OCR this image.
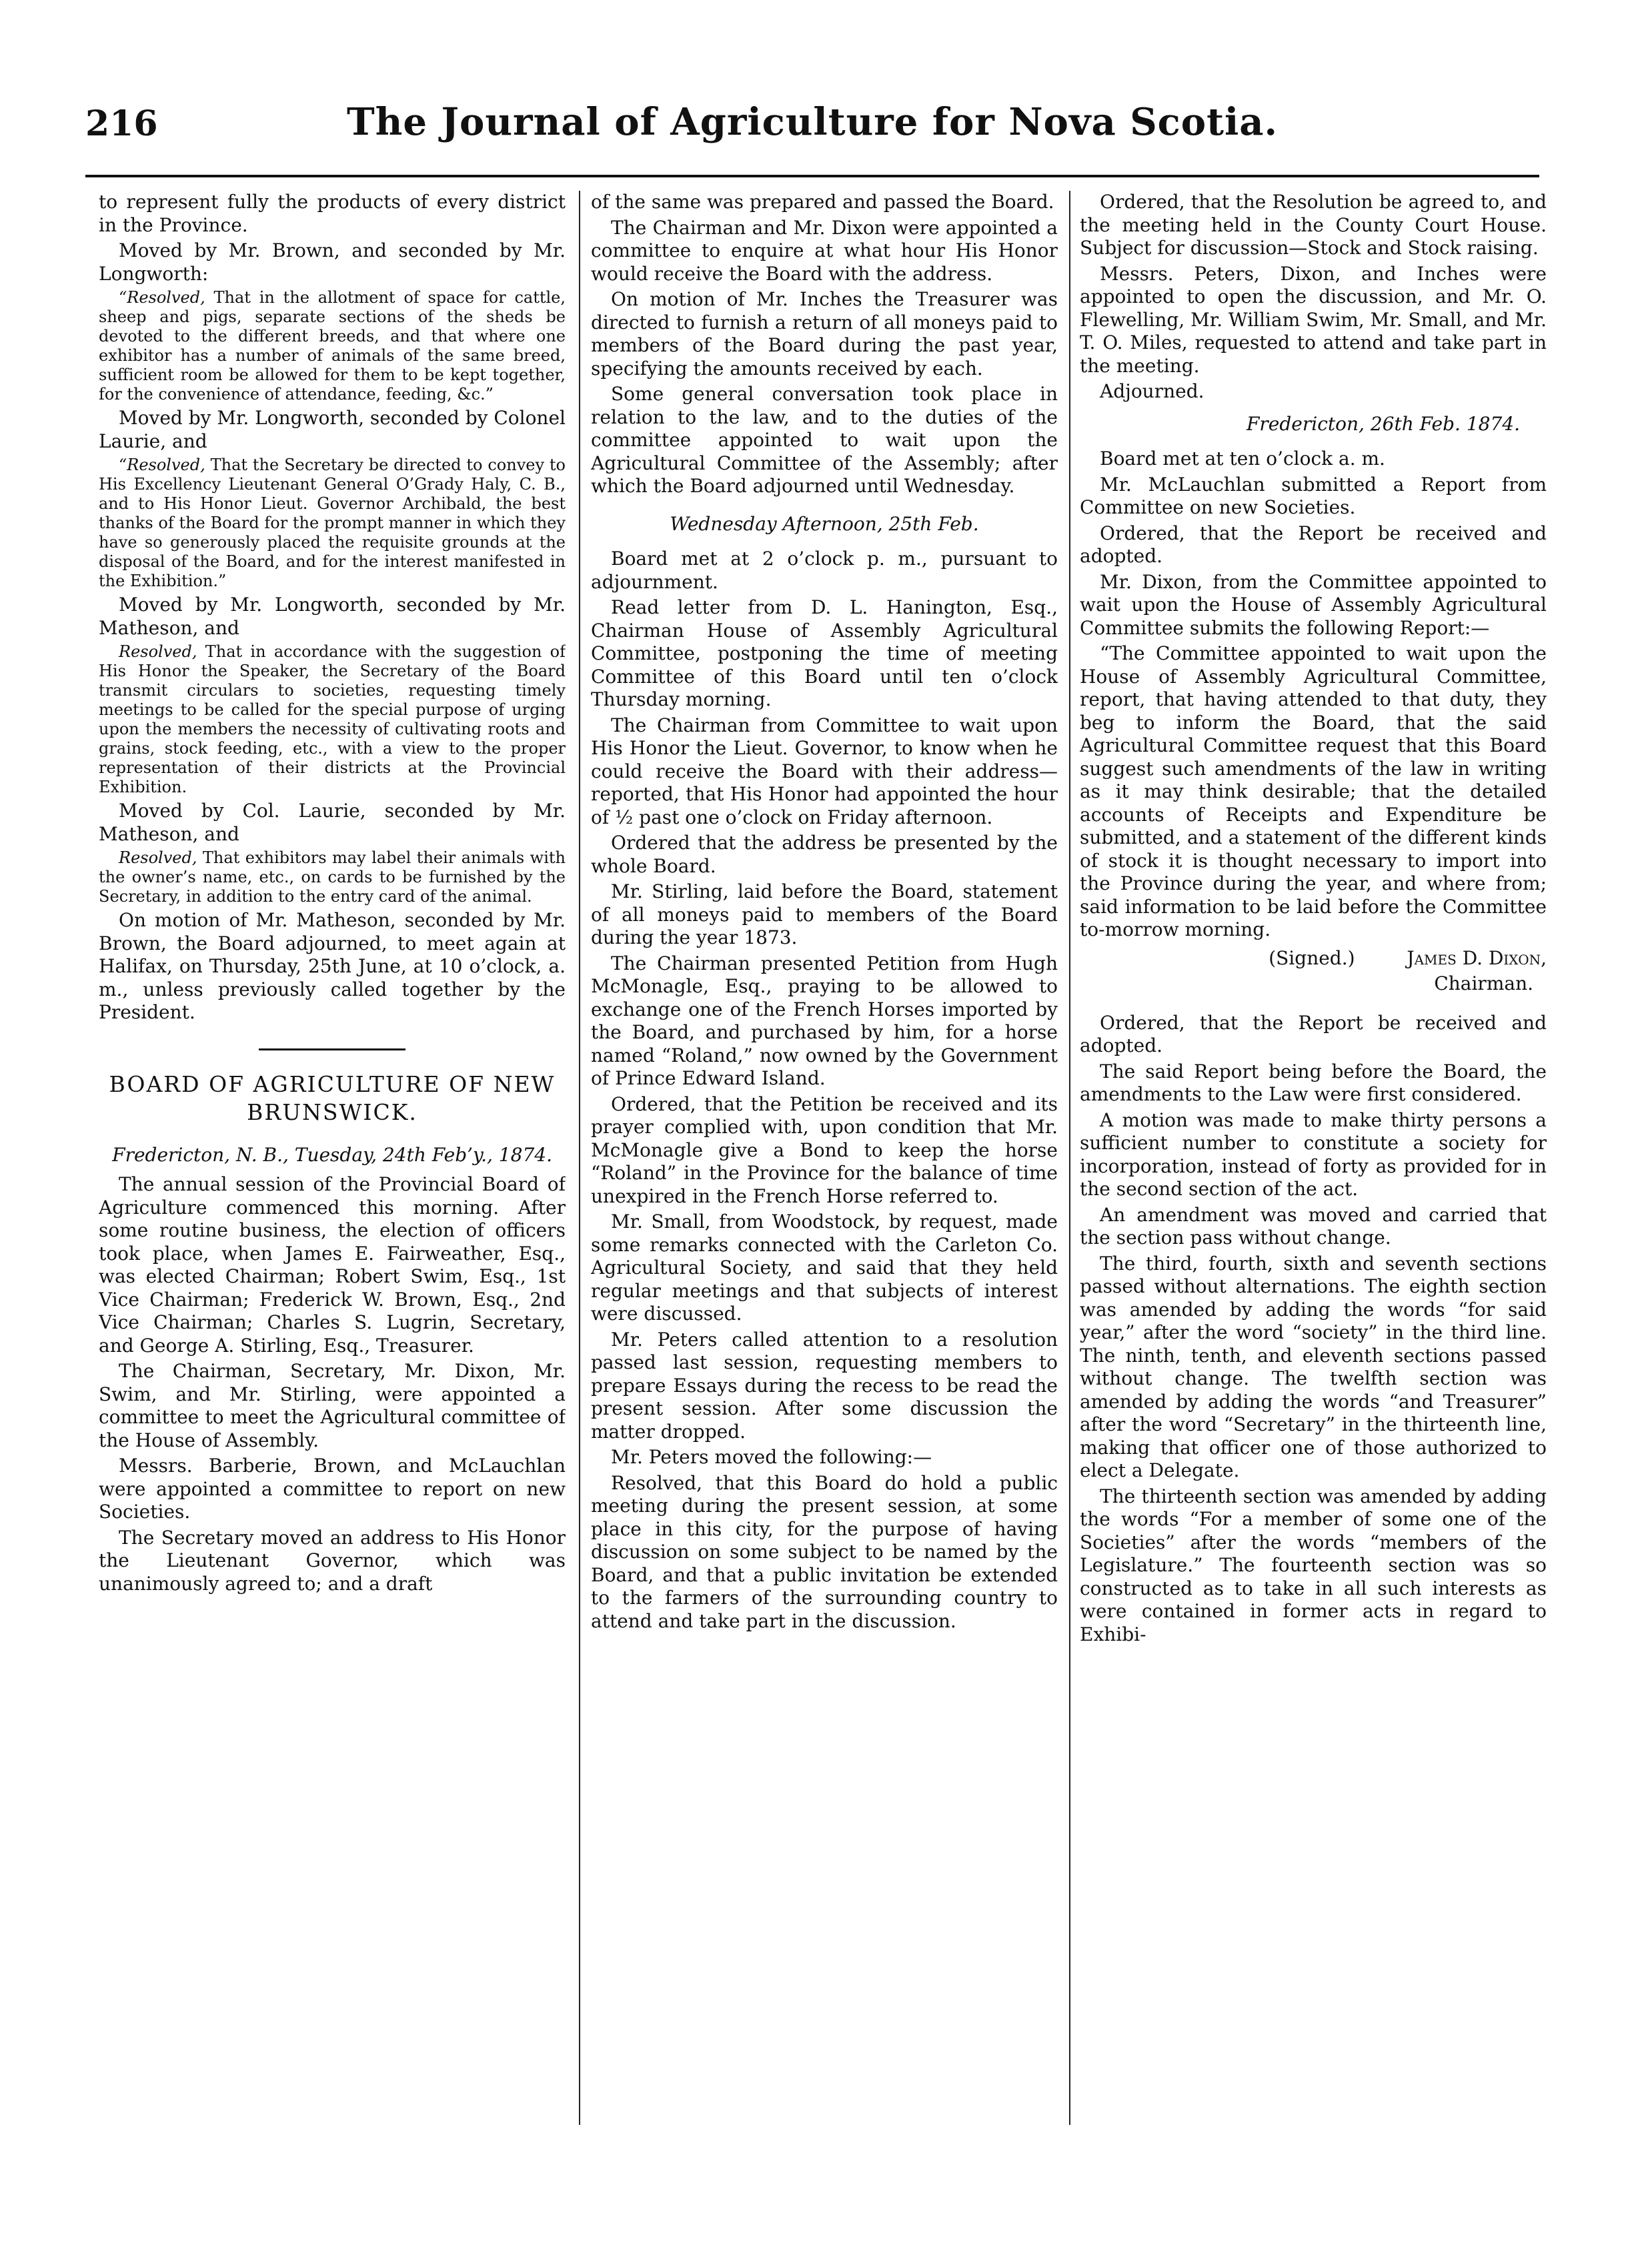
216	The Journal of Agriculture for Nova Scotia.

to represent fully the products of every district in the Province.

Moved by Mr. Brown, and seconded by Mr. Longworth:

“Resolved, That in the allotment of space for cattle, sheep and pigs, separate sections of the sheds be devoted to the different breeds, and that where one exhibitor has a number of animals of the same breed, sufficient room be allowed for them to be kept together, for the convenience of attendance, feeding, &c.”

Moved by Mr. Longworth, seconded by Colonel Laurie, and

“Resolved, That the Secretary be directed to convey to His Excellency Lieutenant General O’Grady Haly, C. B., and to His Honor Lieut. Governor Archibald, the best thanks of the Board for the prompt manner in which they have so generously placed the requisite grounds at the disposal of the Board, and for the interest manifested in the Exhibition.”

Moved by Mr. Longworth, seconded by Mr. Matheson, and

Resolved, That in accordance with the suggestion of His Honor the Speaker, the Secretary of the Board transmit circulars to societies, requesting timely meetings to be called for the special purpose of urging upon the members the necessity of cultivating roots and grains, stock feeding, etc., with a view to the proper representation of their districts at the Provincial Exhibition.

Moved by Col. Laurie, seconded by Mr. Matheson, and

Resolved, That exhibitors may label their animals with the owner’s name, etc., on cards to be furnished by the Secretary, in addition to the entry card of the animal.

On motion of Mr. Matheson, seconded by Mr. Brown, the Board adjourned, to meet again at Halifax, on Thursday, 25th June, at 10 o’clock, a. m., unless previously called together by the President.

BOARD OF AGRICULTURE OF NEW BRUNSWICK.
Fredericton, N. B., Tuesday, 24th Feb’y., 1874.

The annual session of the Provincial Board of Agriculture commenced this morning. After some routine business, the election of officers took place, when James E. Fairweather, Esq., was elected Chairman; Robert Swim, Esq., 1st Vice Chairman; Frederick W. Brown, Esq., 2nd Vice Chairman; Charles S. Lugrin, Secretary, and George A. Stirling, Esq., Treasurer.

The Chairman, Secretary, Mr. Dixon, Mr. Swim, and Mr. Stirling, were appointed a committee to meet the Agricultural committee of the House of Assembly.

Messrs. Barberie, Brown, and McLauchlan were appointed a committee to report on new Societies.

The Secretary moved an address to His Honor the Lieutenant Governor, which was unanimously agreed to; and a draft

of the same was prepared and passed the Board.

The Chairman and Mr. Dixon were appointed a committee to enquire at what hour His Honor would receive the Board with the address.

On motion of Mr. Inches the Treasurer was directed to furnish a return of all moneys paid to members of the Board during the past year, specifying the amounts received by each.

Some general conversation took place in relation to the law, and to the duties of the committee appointed to wait upon the Agricultural Committee of the Assembly; after which the Board adjourned until Wednesday.

Wednesday Afternoon, 25th Feb.

Board met at 2 o’clock p. m., pursuant to adjournment.

Read letter from D. L. Hanington, Esq., Chairman House of Assembly Agricultural Committee, postponing the time of meeting Committee of this Board until ten o’clock Thursday morning.

The Chairman from Committee to wait upon His Honor the Lieut. Governor, to know when he could receive the Board with their address—reported, that His Honor had appointed the hour of ½ past one o’clock on Friday afternoon.

Ordered that the address be presented by the whole Board.

Mr. Stirling, laid before the Board, statement of all moneys paid to members of the Board during the year 1873.

The Chairman presented Petition from Hugh McMonagle, Esq., praying to be allowed to exchange one of the French Horses imported by the Board, and purchased by him, for a horse named “Roland,” now owned by the Government of Prince Edward Island.

Ordered, that the Petition be received and its prayer complied with, upon condition that Mr. McMonagle give a Bond to keep the horse “Roland” in the Province for the balance of time unexpired in the French Horse referred to.

Mr. Small, from Woodstock, by request, made some remarks connected with the Carleton Co. Agricultural Society, and said that they held regular meetings and that subjects of interest were discussed.

Mr. Peters called attention to a resolution passed last session, requesting members to prepare Essays during the recess to be read the present session. After some discussion the matter dropped.

Mr. Peters moved the following:—

Resolved, that this Board do hold a public meeting during the present session, at some place in this city, for the purpose of having discussion on some subject to be named by the Board, and that a public invitation be extended to the farmers of the surrounding country to attend and take part in the discussion.

Ordered, that the Resolution be agreed to, and the meeting held in the County Court House. Subject for discussion—Stock and Stock raising.

Messrs. Peters, Dixon, and Inches were appointed to open the discussion, and Mr. O. Flewelling, Mr. William Swim, Mr. Small, and Mr. T. O. Miles, requested to attend and take part in the meeting.

Adjourned.

Fredericton, 26th Feb. 1874.

Board met at ten o’clock a. m.

Mr. McLauchlan submitted a Report from Committee on new Societies.

Ordered, that the Report be received and adopted.

Mr. Dixon, from the Committee appointed to wait upon the House of Assembly Agricultural Committee submits the following Report:—

“The Committee appointed to wait upon the House of Assembly Agricultural Committee, report, that having attended to that duty, they beg to inform the Board, that the said Agricultural Committee request that this Board suggest such amendments of the law in writing as it may think desirable; that the detailed accounts of Receipts and Expenditure be submitted, and a statement of the different kinds of stock it is thought necessary to import into the Province during the year, and where from; said information to be laid before the Committee to-morrow morning.

(Signed.)	James D. Dixon,
Chairman.

Ordered, that the Report be received and adopted.

The said Report being before the Board, the amendments to the Law were first considered.

A motion was made to make thirty persons a sufficient number to constitute a society for incorporation, instead of forty as provided for in the second section of the act.

An amendment was moved and carried that the section pass without change.

The third, fourth, sixth and seventh sections passed without alternations. The eighth section was amended by adding the words “for said year,” after the word “society” in the third line. The ninth, tenth, and eleventh sections passed without change. The twelfth section was amended by adding the words “and Treasurer” after the word “Secretary” in the thirteenth line, making that officer one of those authorized to elect a Delegate.

The thirteenth section was amended by adding the words “For a member of some one of the Societies” after the words “members of the Legislature.” The fourteenth section was so constructed as to take in all such interests as were contained in former acts in regard to Exhibi-
